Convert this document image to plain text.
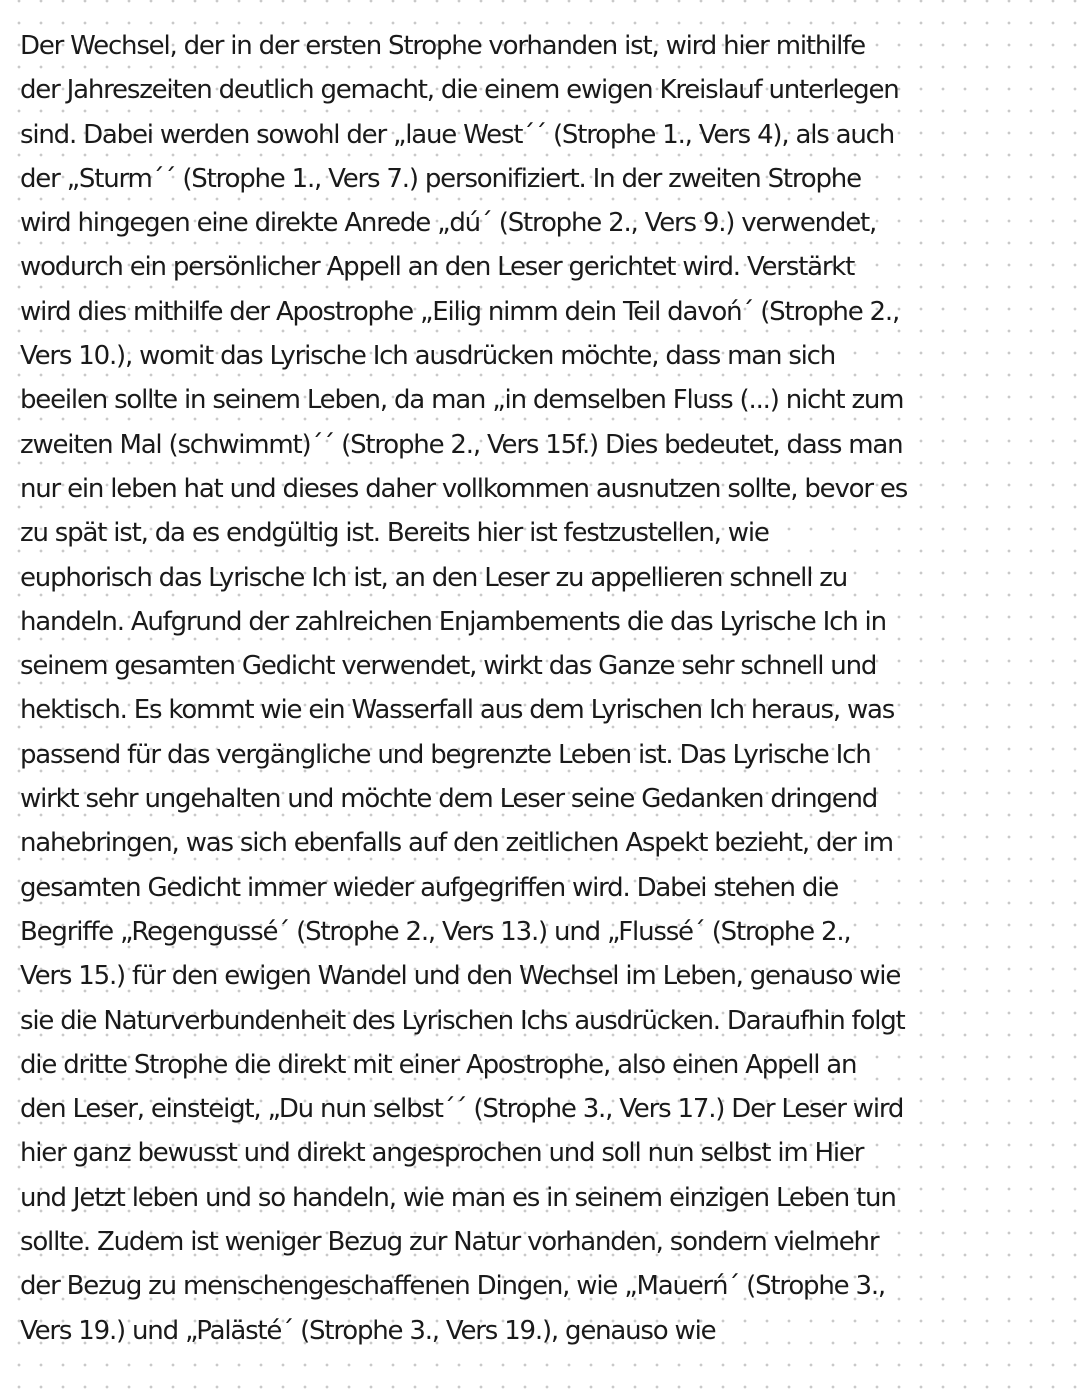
Der Wechsel, der in der ersten Strophe vorhanden ist, wird hier mithilfe
der Jahreszeiten deutlich gemacht, die einem ewigen Kreislauf unterlegen
sind. Dabei werden sowohl der „laue West´´ (Strophe 1., Vers 4), als auch
der „Sturm´´ (Strophe 1., Vers 7.) personifiziert. In der zweiten Strophe
wird hingegen eine direkte Anrede „dú´ (Strophe 2., Vers 9.) verwendet,
wodurch ein persönlicher Appell an den Leser gerichtet wird. Verstärkt
wird dies mithilfe der Apostrophe „Eilig nimm dein Teil davoń´ (Strophe 2.,
Vers 10.), womit das Lyrische Ich ausdrücken möchte, dass man sich
beeilen sollte in seinem Leben, da man „in demselben Fluss (...) nicht zum
zweiten Mal (schwimmt)´´ (Strophe 2., Vers 15f.) Dies bedeutet, dass man
nur ein leben hat und dieses daher vollkommen ausnutzen sollte, bevor es
zu spät ist, da es endgültig ist. Bereits hier ist festzustellen, wie
euphorisch das Lyrische Ich ist, an den Leser zu appellieren schnell zu
handeln. Aufgrund der zahlreichen Enjambements die das Lyrische Ich in
seinem gesamten Gedicht verwendet, wirkt das Ganze sehr schnell und
hektisch. Es kommt wie ein Wasserfall aus dem Lyrischen Ich heraus, was
passend für das vergängliche und begrenzte Leben ist. Das Lyrische Ich
wirkt sehr ungehalten und möchte dem Leser seine Gedanken dringend
nahebringen, was sich ebenfalls auf den zeitlichen Aspekt bezieht, der im
gesamten Gedicht immer wieder aufgegriffen wird. Dabei stehen die
Begriffe „Regengussé´ (Strophe 2., Vers 13.) und „Flussé´ (Strophe 2.,
Vers 15.) für den ewigen Wandel und den Wechsel im Leben, genauso wie
sie die Naturverbundenheit des Lyrischen Ichs ausdrücken. Daraufhin folgt
die dritte Strophe die direkt mit einer Apostrophe, also einen Appell an
den Leser, einsteigt, „Du nun selbst´´ (Strophe 3., Vers 17.) Der Leser wird
hier ganz bewusst und direkt angesprochen und soll nun selbst im Hier
und Jetzt leben und so handeln, wie man es in seinem einzigen Leben tun
sollte. Zudem ist weniger Bezug zur Natur vorhanden, sondern vielmehr
der Bezug zu menschengeschaffenen Dingen, wie „Mauerń´ (Strophe 3.,
Vers 19.) und „Palästé´ (Strophe 3., Vers 19.), genauso wie
